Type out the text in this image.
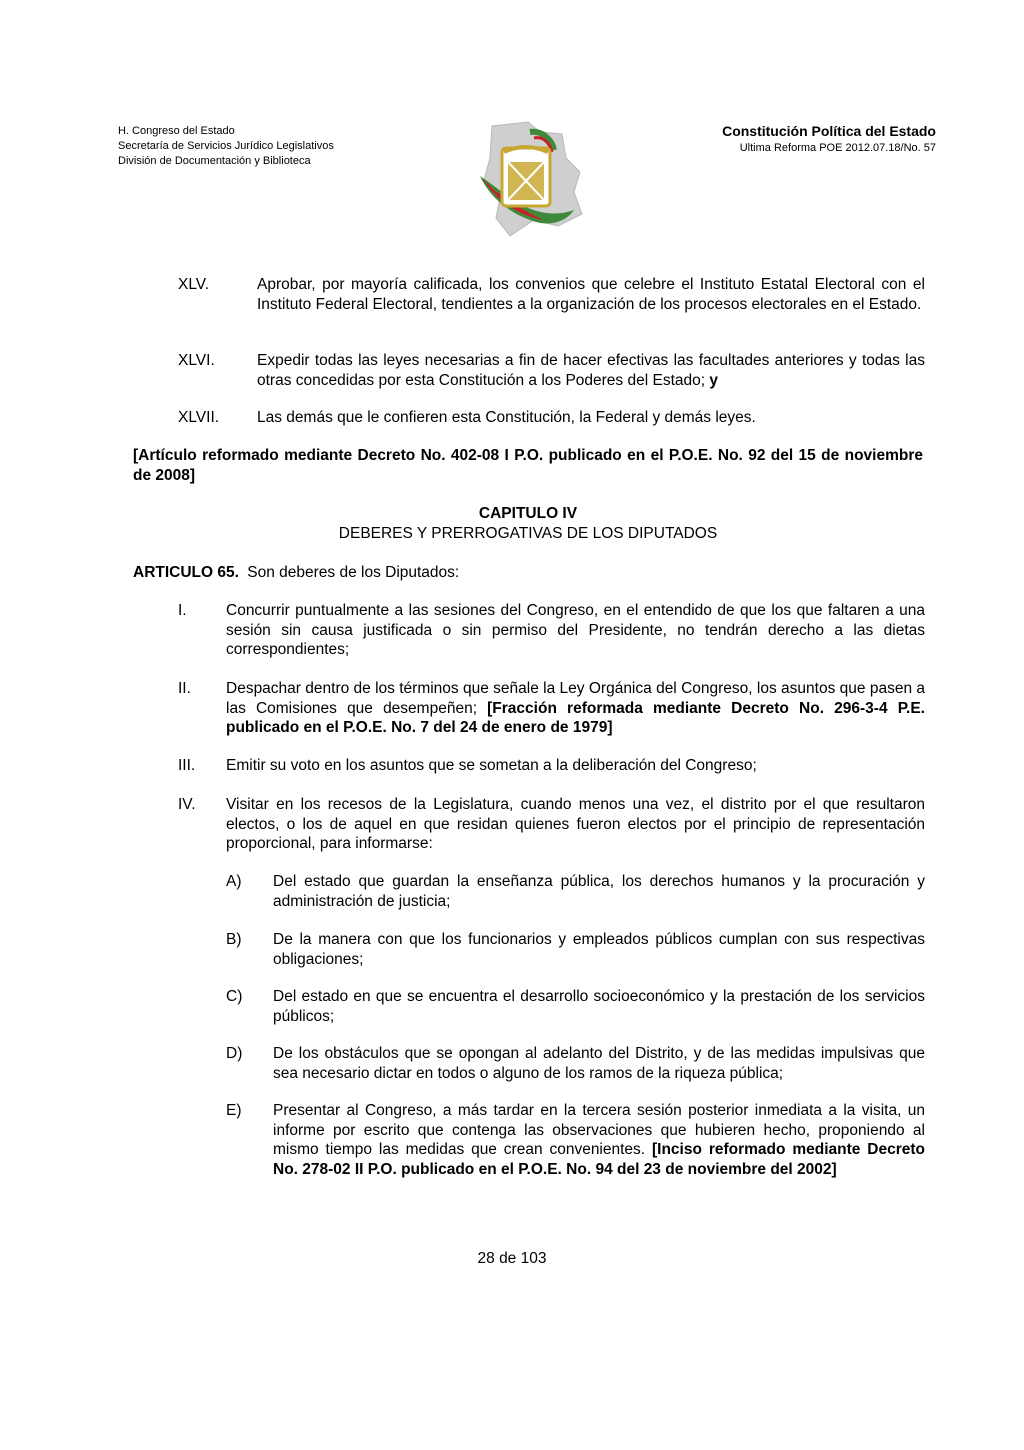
H. Congreso del Estado
Secretaría de Servicios Jurídico Legislativos
División de Documentación y Biblioteca
Constitución Política del Estado
Ultima Reforma POE 2012.07.18/No. 57
XLV.	Aprobar, por mayoría calificada, los convenios que celebre el Instituto Estatal Electoral con el Instituto Federal Electoral, tendientes a la organización de los procesos electorales en el Estado.
XLVI.	Expedir todas las leyes necesarias a fin de hacer efectivas las facultades anteriores y todas las otras concedidas por esta Constitución a los Poderes del Estado; y
XLVII. Las demás que le confieren esta Constitución, la Federal y demás leyes.
[Artículo reformado mediante Decreto No. 402-08 I P.O. publicado en el P.O.E. No. 92 del 15 de noviembre de 2008]
CAPITULO IV
DEBERES Y PRERROGATIVAS DE LOS DIPUTADOS
ARTICULO 65. Son deberes de los Diputados:
I.	Concurrir puntualmente a las sesiones del Congreso, en el entendido de que los que faltaren a una sesión sin causa justificada o sin permiso del Presidente, no tendrán derecho a las dietas correspondientes;
II. Despachar dentro de los términos que señale la Ley Orgánica del Congreso, los asuntos que pasen a las Comisiones que desempeñen; [Fracción reformada mediante Decreto No. 296-3-4 P.E. publicado en el P.O.E. No. 7 del 24 de enero de 1979]
III. Emitir su voto en los asuntos que se sometan a la deliberación del Congreso;
IV. Visitar en los recesos de la Legislatura, cuando menos una vez, el distrito por el que resultaron electos, o los de aquel en que residan quienes fueron electos por el principio de representación proporcional, para informarse:
A) Del estado que guardan la enseñanza pública, los derechos humanos y la procuración y administración de justicia;
B) De la manera con que los funcionarios y empleados públicos cumplan con sus respectivas obligaciones;
C) Del estado en que se encuentra el desarrollo socioeconómico y la prestación de los servicios públicos;
D) De los obstáculos que se opongan al adelanto del Distrito, y de las medidas impulsivas que sea necesario dictar en todos o alguno de los ramos de la riqueza pública;
E) Presentar al Congreso, a más tardar en la tercera sesión posterior inmediata a la visita, un informe por escrito que contenga las observaciones que hubieren hecho, proponiendo al mismo tiempo las medidas que crean convenientes. [Inciso reformado mediante Decreto No. 278-02 II P.O. publicado en el P.O.E. No. 94 del 23 de noviembre del 2002]
28 de 103
